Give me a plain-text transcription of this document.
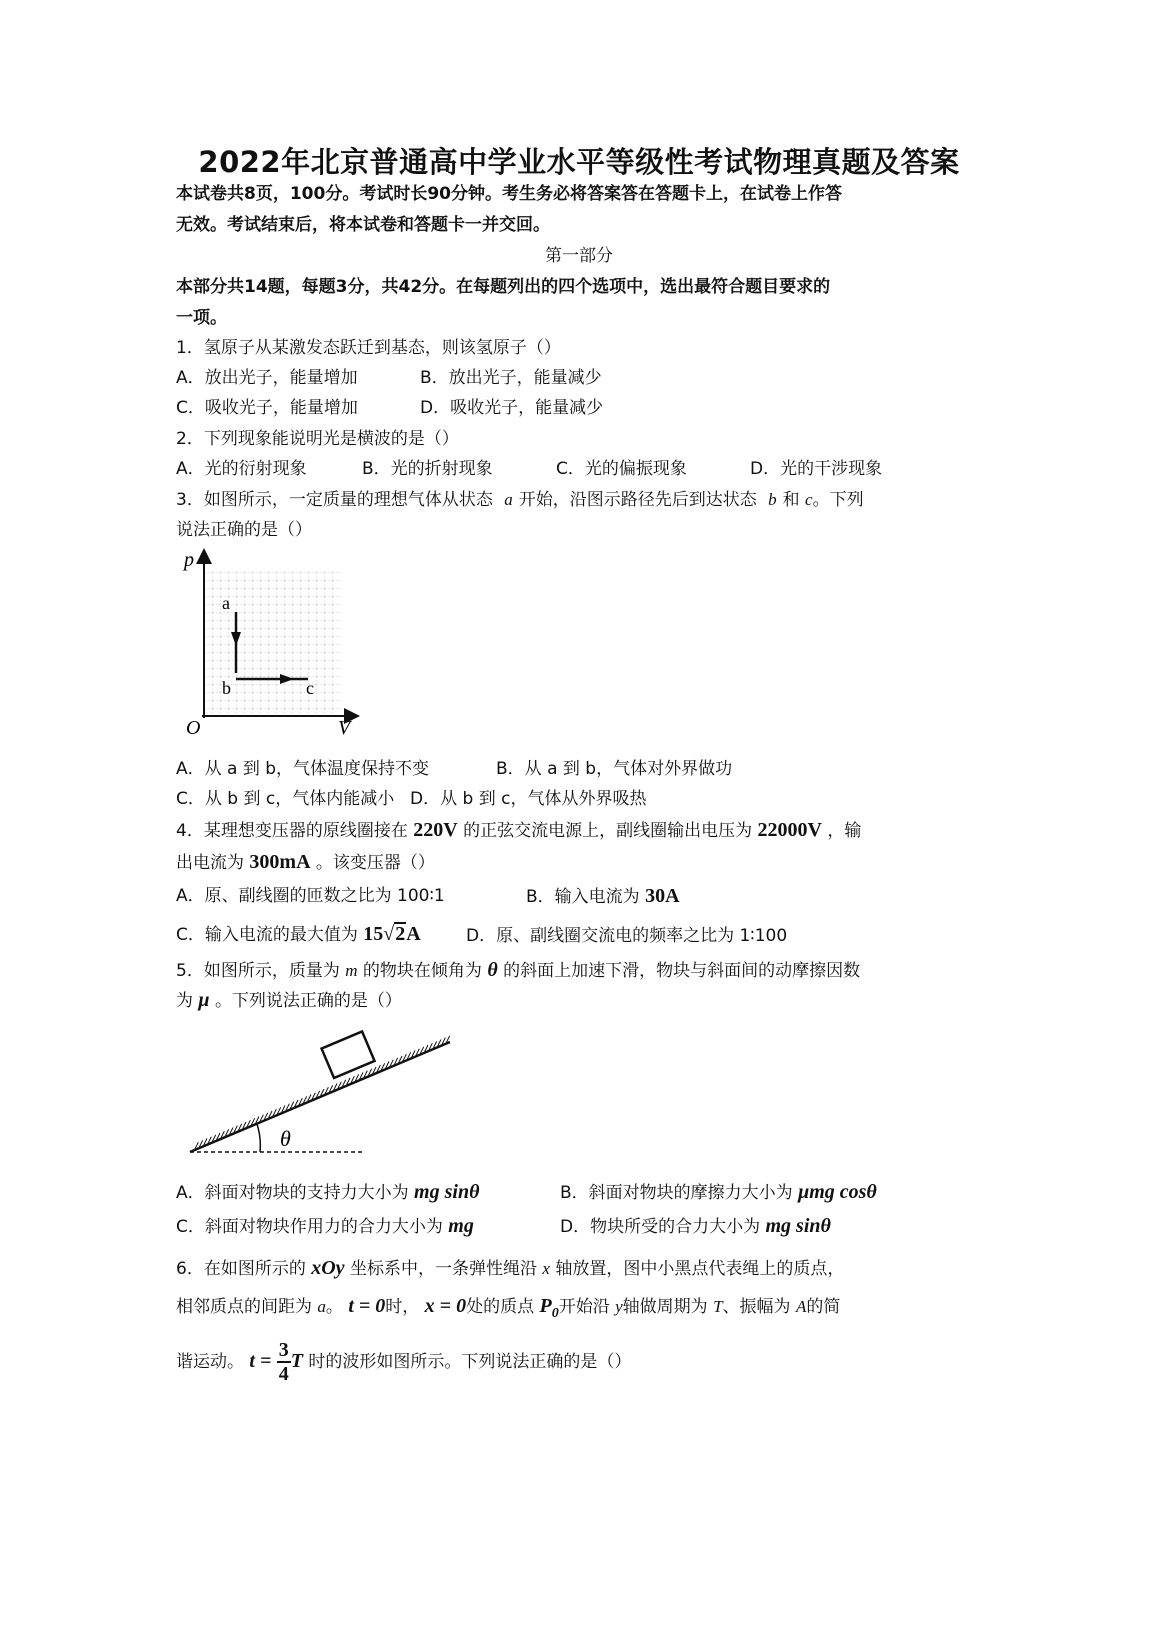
2022年北京普通高中学业水平等级性考试物理真题及答案
本试卷共8页，100分。考试时长90分钟。考生务必将答案答在答题卡上，在试卷上作答
无效。考试结束后，将本试卷和答题卡一并交回。
第一部分
本部分共14题，每题3分，共42分。在每题列出的四个选项中，选出最符合题目要求的
一项。
1．氢原子从某激发态跃迁到基态，则该氢原子（）
A．放出光子，能量增加	B．放出光子，能量减少
C．吸收光子，能量增加	D．吸收光子，能量减少
2．下列现象能说明光是横波的是（）
A．光的衍射现象	B．光的折射现象	C．光的偏振现象	D．光的干涉现象
3．如图所示，一定质量的理想气体从状态 a 开始，沿图示路径先后到达状态 b 和 c。下列
说法正确的是（）
p
V
O
a
b	c
A．从 a 到 b，气体温度保持不变	B．从 a 到 b，气体对外界做功
C．从 b 到 c，气体内能减小 D．从 b 到 c，气体从外界吸热
4．某理想变压器的原线圈接在 220V 的正弦交流电源上，副线圈输出电压为 22000V ，输
出电流为 300mA 。该变压器（）
A．原、副线圈的匝数之比为 100∶1	B．输入电流为 30A
C．输入电流的最大值为 15√2A	D．原、副线圈交流电的频率之比为 1∶100
5．如图所示，质量为 m 的物块在倾角为 θ 的斜面上加速下滑，物块与斜面间的动摩擦因数
为 μ 。下列说法正确的是（）
θ
A．斜面对物块的支持力大小为 mg sinθ	B．斜面对物块的摩擦力大小为 μmg cosθ
C．斜面对物块作用力的合力大小为 mg	D．物块所受的合力大小为 mg sinθ
6．在如图所示的 xOy 坐标系中，一条弹性绳沿 x 轴放置，图中小黑点代表绳上的质点，
相邻质点的间距为 a。 t = 0时， x = 0处的质点 $P_0$开始沿 y轴做周期为 T、振幅为 A的简
谐运动。 $t = \frac{3}{4}$ T 时的波形如图所示。下列说法正确的是（）
